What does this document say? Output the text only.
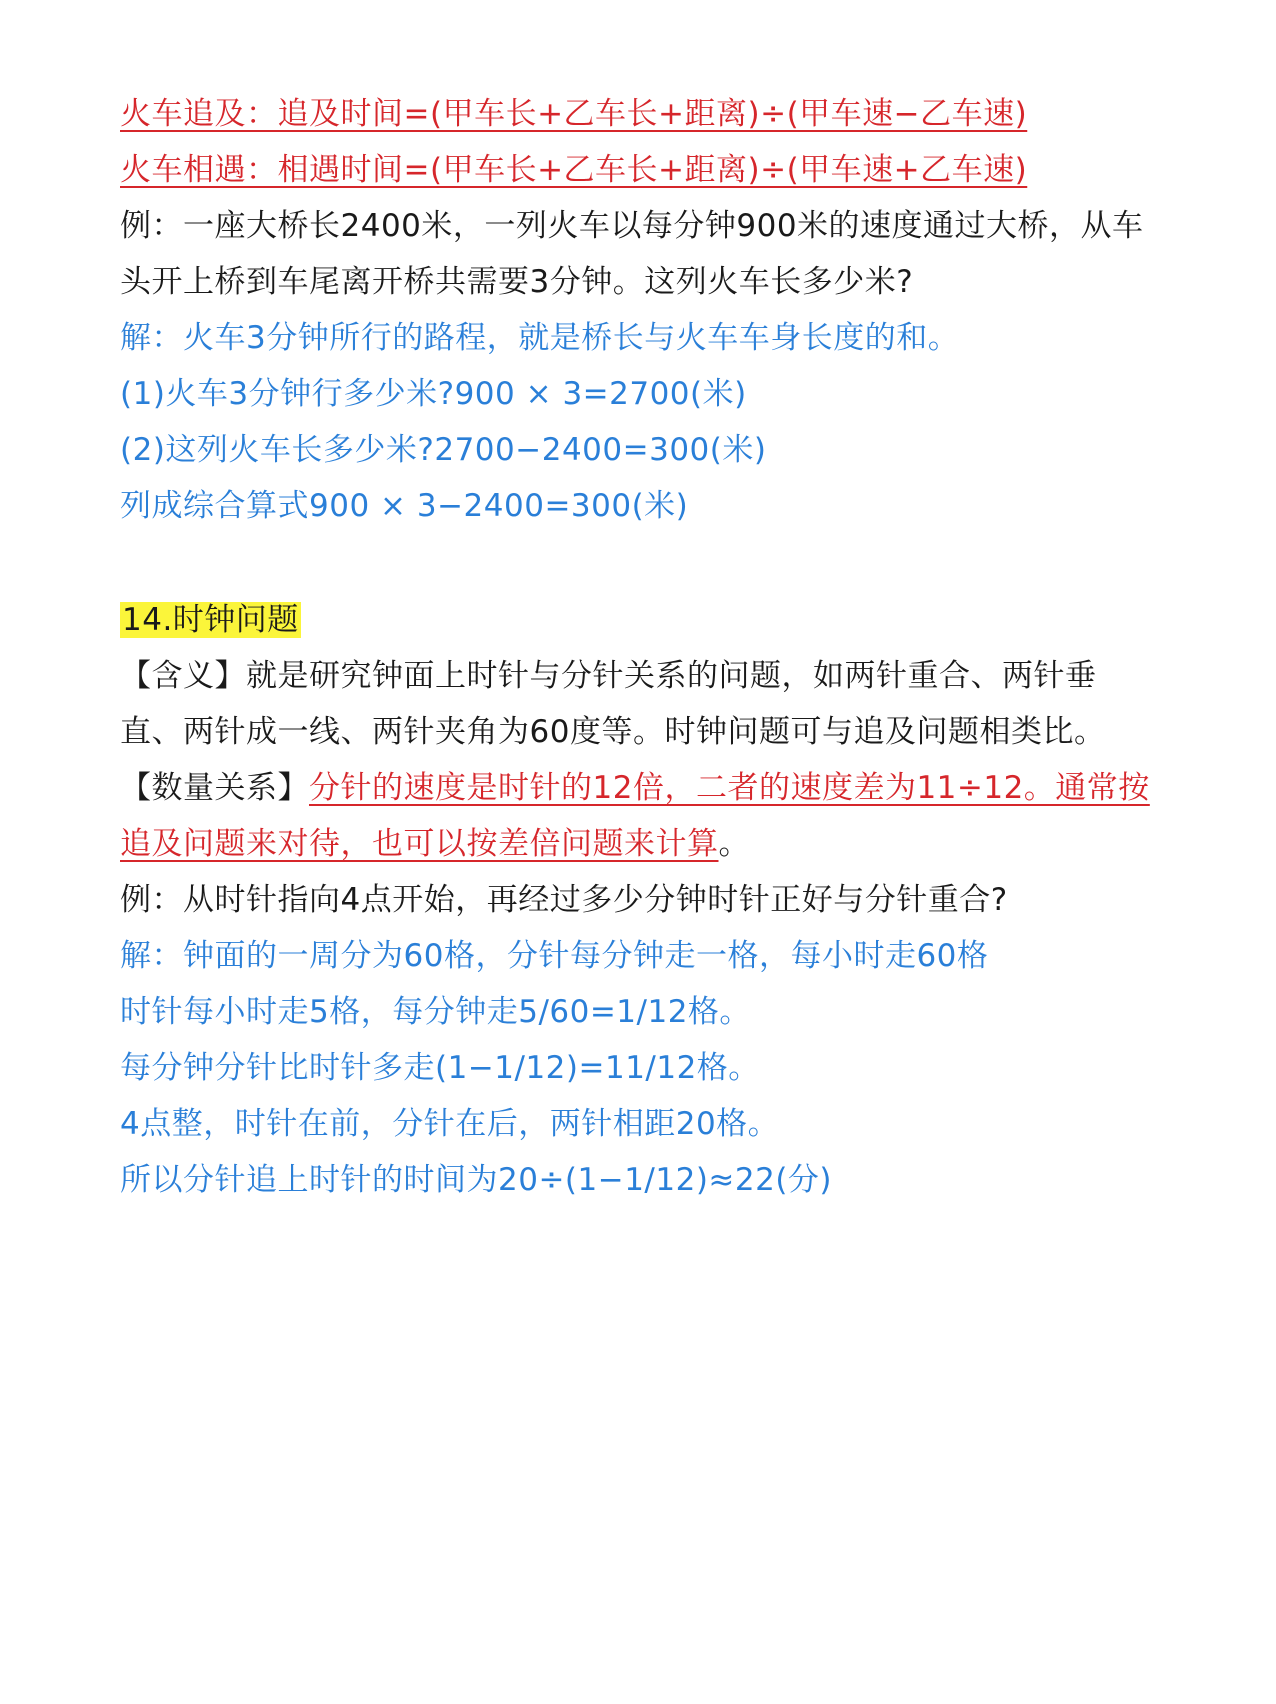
火车追及：追及时间=(甲车长+乙车长+距离)÷(甲车速−乙车速)
火车相遇：相遇时间=(甲车长+乙车长+距离)÷(甲车速+乙车速)
例：一座大桥长2400米，一列火车以每分钟900米的速度通过大桥，从车
头开上桥到车尾离开桥共需要3分钟。这列火车长多少米?
解：火车3分钟所行的路程，就是桥长与火车车身长度的和。
(1)火车3分钟行多少米?900 × 3=2700(米)
(2)这列火车长多少米?2700−2400=300(米)
列成综合算式900 × 3−2400=300(米)
14.时钟问题
【含义】就是研究钟面上时针与分针关系的问题，如两针重合、两针垂
直、两针成一线、两针夹角为60度等。时钟问题可与追及问题相类比。
【数量关系】分针的速度是时针的12倍，二者的速度差为11÷12。通常按
追及问题来对待，也可以按差倍问题来计算。
例：从时针指向4点开始，再经过多少分钟时针正好与分针重合?
解：钟面的一周分为60格，分针每分钟走一格，每小时走60格
时针每小时走5格，每分钟走5/60=1/12格。
每分钟分针比时针多走(1−1/12)=11/12格。
4点整，时针在前，分针在后，两针相距20格。
所以分针追上时针的时间为20÷(1−1/12)≈22(分)
